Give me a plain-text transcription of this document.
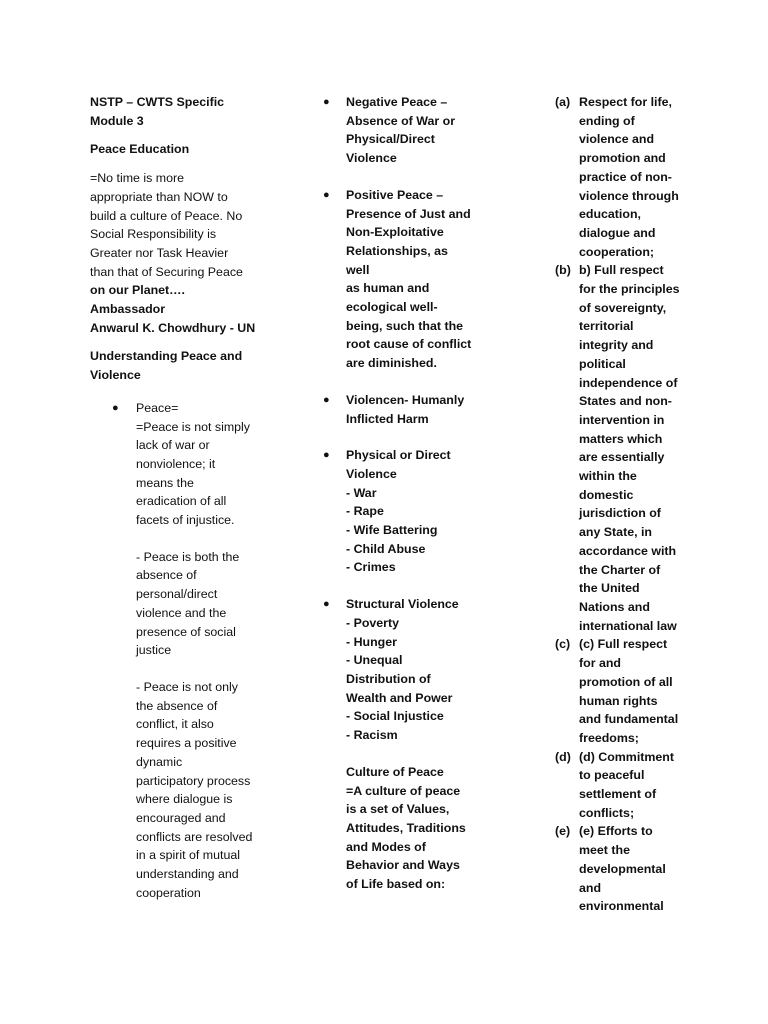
NSTP – CWTS Specific
Module 3
Peace Education
=No time is more
appropriate than NOW to
build a culture of Peace. No
Social Responsibility is
Greater nor Task Heavier
than that of Securing Peace
on our Planet…. Ambassador
Anwarul K. Chowdhury - UN
Understanding Peace and
Violence
● Peace=
=Peace is not simply
lack of war or
nonviolence; it
means the
eradication of all
facets of injustice.
- Peace is both the
absence of
personal/direct
violence and the
presence of social
justice
- Peace is not only
the absence of
conflict, it also
requires a positive
dynamic
participatory process
where dialogue is
encouraged and
conflicts are resolved
in a spirit of mutual
understanding and
cooperation
● Negative Peace –
Absence of War or
Physical/Direct
Violence
● Positive Peace –
Presence of Just and
Non-Exploitative
Relationships, as well
as human and
ecological well-
being, such that the
root cause of conflict
are diminished.
● Violencen- Humanly
Inflicted Harm
● Physical or Direct
Violence
- War
- Rape
- Wife Battering
- Child Abuse
- Crimes
● Structural Violence
- Poverty
- Hunger
- Unequal
Distribution of
Wealth and Power
- Social Injustice
- Racism
Culture of Peace
=A culture of peace
is a set of Values,
Attitudes, Traditions
and Modes of
Behavior and Ways
of Life based on:
(a) Respect for life,
ending of
violence and
promotion and
practice of non-
violence through
education,
dialogue and
cooperation;
(b) b) Full respect
for the principles
of sovereignty,
territorial
integrity and
political
independence of
States and non-
intervention in
matters which
are essentially
within the
domestic
jurisdiction of
any State, in
accordance with
the Charter of
the United
Nations and
international law
(c) (c) Full respect
for and
promotion of all
human rights
and fundamental
freedoms;
(d) (d) Commitment
to peaceful
settlement of
conflicts;
(e) (e) Efforts to
meet the
developmental
and
environmental
